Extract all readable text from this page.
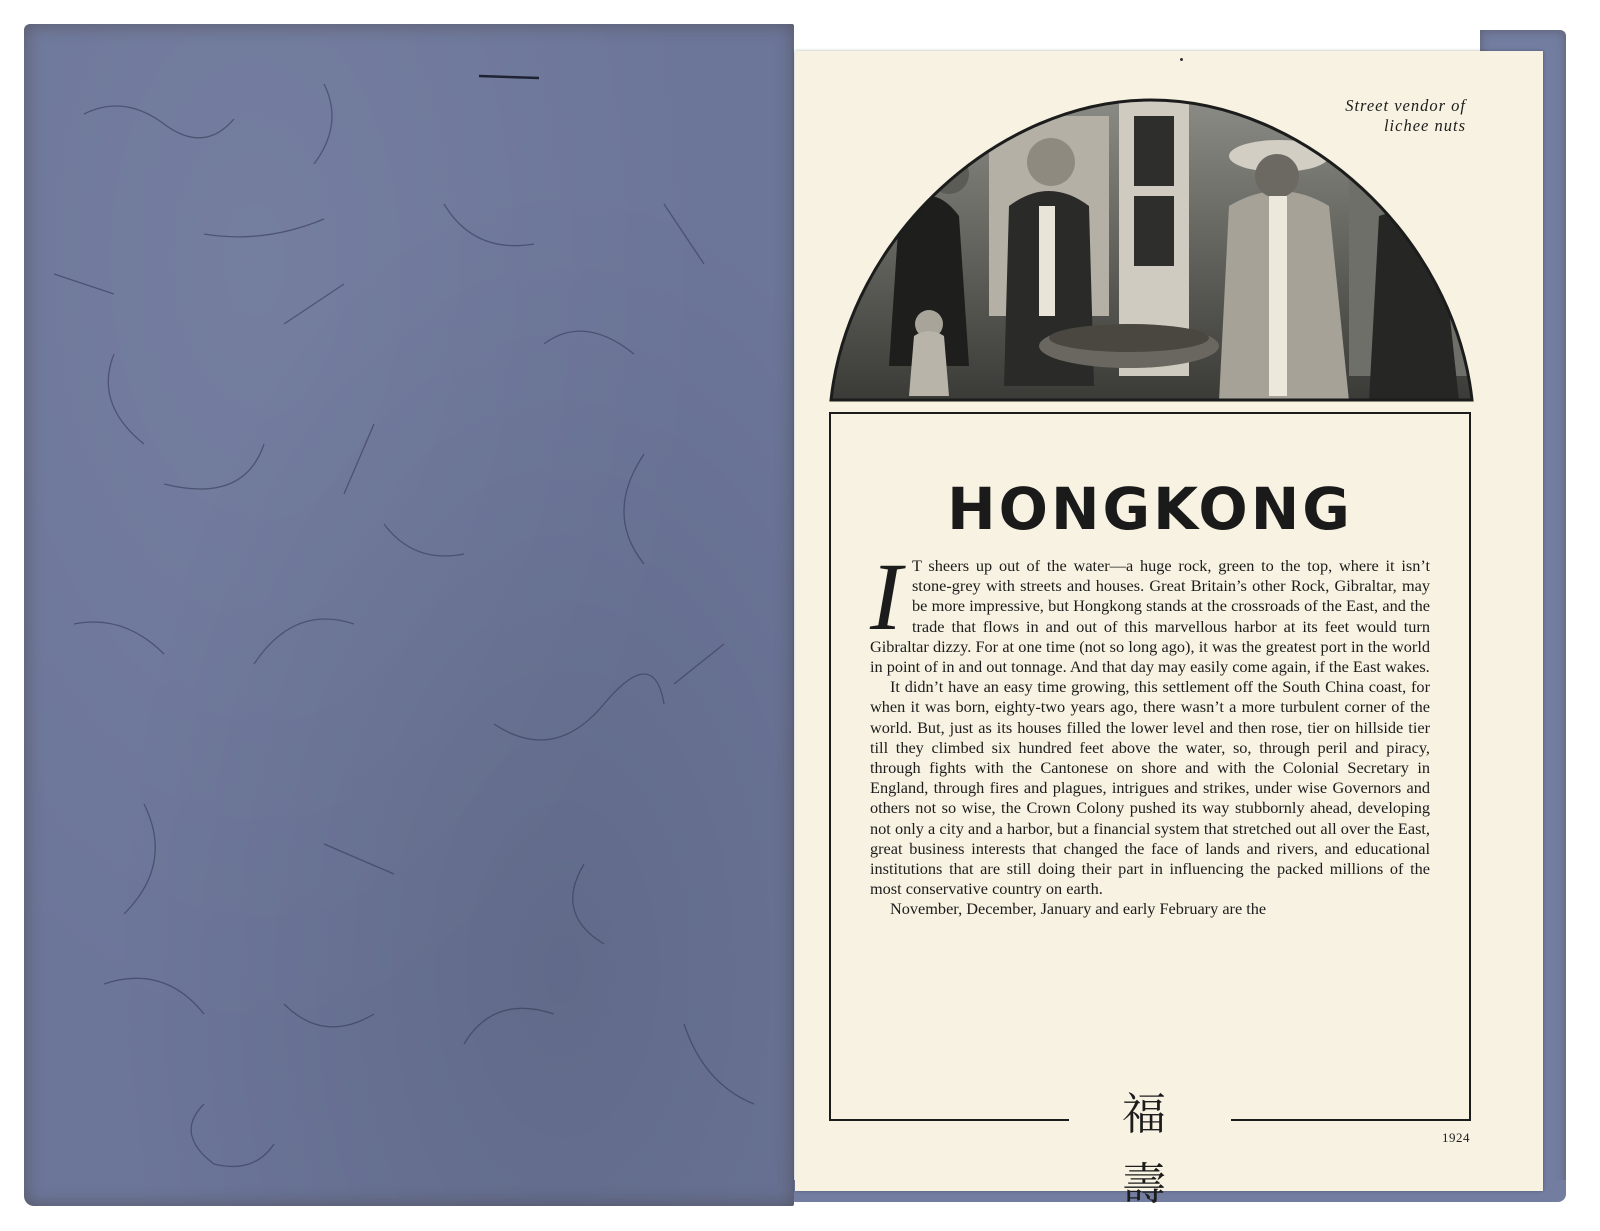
Street vendor of
lichee nuts
HONGKONG

I T sheers up out of the water—a huge rock, green to the top, where it isn’t stone-grey with streets and houses. Great Britain’s other Rock, Gibraltar, may be more impressive, but Hongkong stands at the crossroads of the East, and the trade that flows in and out of this marvellous harbor at its feet would turn Gibraltar dizzy. For at one time (not so long ago), it was the greatest port in the world in point of in and out tonnage. And that day may easily come again, if the East wakes.

It didn’t have an easy time growing, this settlement off the South China coast, for when it was born, eighty-two years ago, there wasn’t a more turbulent corner of the world. But, just as its houses filled the lower level and then rose, tier on hillside tier till they climbed six hundred feet above the water, so, through peril and piracy, through fights with the Cantonese on shore and with the Colonial Secretary in England, through fires and plagues, intrigues and strikes, under wise Governors and others not so wise, the Crown Colony pushed its way stubbornly ahead, developing not only a city and a harbor, but a financial system that stretched out all over the East, great business interests that changed the face of lands and rivers, and educational institutions that are still doing their part in influencing the packed millions of the most conservative country on earth.

November, December, January and early February are the

福 壽
1924
